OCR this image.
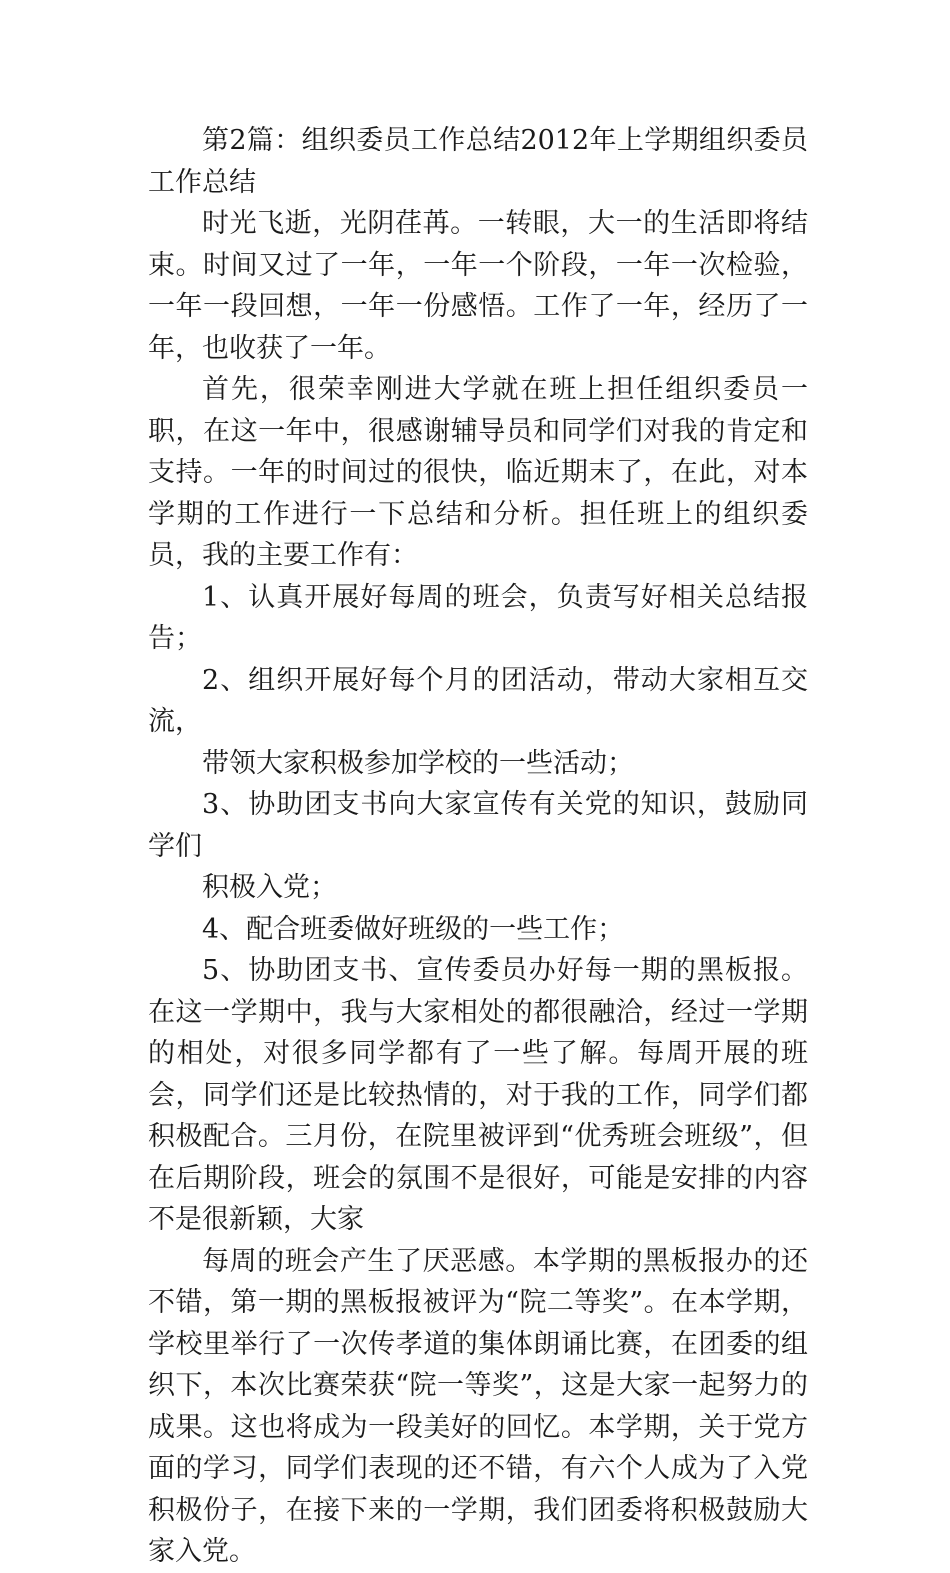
第2篇：组织委员工作总结2012年上学期组织委员工作总结

时光飞逝，光阴荏苒。一转眼，大一的生活即将结束。时间又过了一年，一年一个阶段，一年一次检验，一年一段回想，一年一份感悟。工作了一年，经历了一年，也收获了一年。

首先，很荣幸刚进大学就在班上担任组织委员一职，在这一年中，很感谢辅导员和同学们对我的肯定和支持。一年的时间过的很快，临近期末了，在此，对本学期的工作进行一下总结和分析。担任班上的组织委员，我的主要工作有：

1、认真开展好每周的班会，负责写好相关总结报告；

2、组织开展好每个月的团活动，带动大家相互交流，

带领大家积极参加学校的一些活动；

3、协助团支书向大家宣传有关党的知识，鼓励同学们

积极入党；

4、配合班委做好班级的一些工作；

5、协助团支书、宣传委员办好每一期的黑板报。在这一学期中，我与大家相处的都很融洽，经过一学期的相处，对很多同学都有了一些了解。每周开展的班会，同学们还是比较热情的，对于我的工作，同学们都积极配合。三月份，在院里被评到“优秀班会班级”，但在后期阶段，班会的氛围不是很好，可能是安排的内容不是很新颖，大家

每周的班会产生了厌恶感。本学期的黑板报办的还不错，第一期的黑板报被评为“院二等奖”。在本学期，学校里举行了一次传孝道的集体朗诵比赛，在团委的组织下，本次比赛荣获“院一等奖”，这是大家一起努力的成果。这也将成为一段美好的回忆。本学期，关于党方面的学习，同学们表现的还不错，有六个人成为了入党积极份子，在接下来的一学期，我们团委将积极鼓励大家入党。
